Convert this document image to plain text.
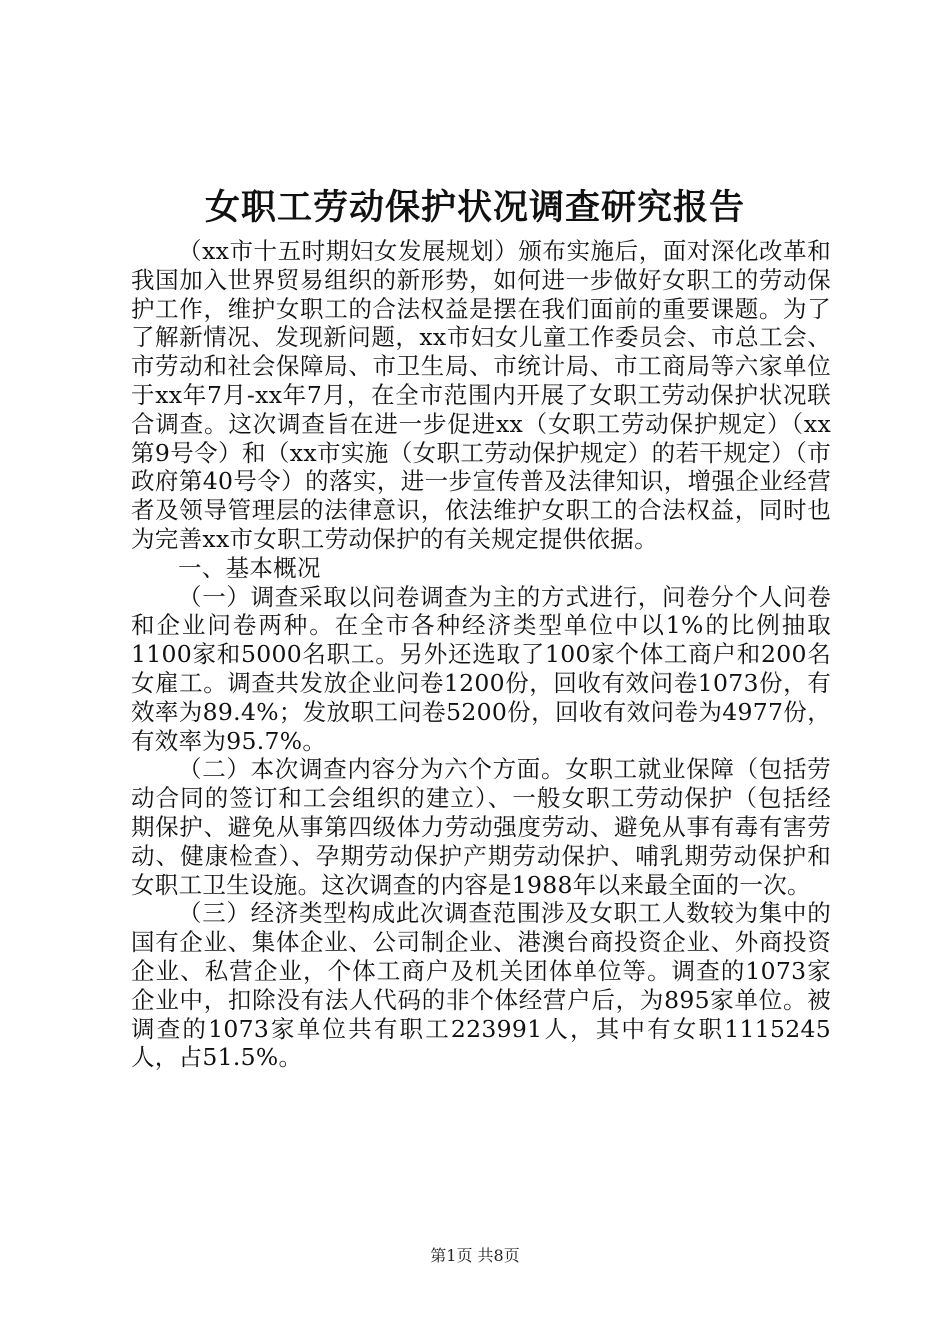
女职工劳动保护状况调查研究报告

（xx市十五时期妇女发展规划）颁布实施后，面对深化改革和我国加入世界贸易组织的新形势，如何进一步做好女职工的劳动保护工作，维护女职工的合法权益是摆在我们面前的重要课题。为了了解新情况、发现新问题，xx市妇女儿童工作委员会、市总工会、市劳动和社会保障局、市卫生局、市统计局、市工商局等六家单位于xx年7月-xx年7月，在全市范围内开展了女职工劳动保护状况联合调查。这次调查旨在进一步促进xx（女职工劳动保护规定）（xx第9号令）和（xx市实施（女职工劳动保护规定）的若干规定）（市政府第40号令）的落实，进一步宣传普及法律知识，增强企业经营者及领导管理层的法律意识，依法维护女职工的合法权益，同时也为完善xx市女职工劳动保护的有关规定提供依据。

一、基本概况

（一）调查采取以问卷调查为主的方式进行，问卷分个人问卷和企业问卷两种。在全市各种经济类型单位中以1%的比例抽取1100家和5000名职工。另外还选取了100家个体工商户和200名女雇工。调查共发放企业问卷1200份，回收有效问卷1073份，有效率为89.4%；发放职工问卷5200份，回收有效问卷为4977份，有效率为95.7%。

（二）本次调查内容分为六个方面。女职工就业保障（包括劳动合同的签订和工会组织的建立）、一般女职工劳动保护（包括经期保护、避免从事第四级体力劳动强度劳动、避免从事有毒有害劳动、健康检查）、孕期劳动保护产期劳动保护、哺乳期劳动保护和女职工卫生设施。这次调查的内容是1988年以来最全面的一次。

（三）经济类型构成此次调查范围涉及女职工人数较为集中的国有企业、集体企业、公司制企业、港澳台商投资企业、外商投资企业、私营企业，个体工商户及机关团体单位等。调查的1073家企业中，扣除没有法人代码的非个体经营户后，为895家单位。被调查的1073家单位共有职工223991人，其中有女职1115245人，占51.5%。

第1页 共8页
